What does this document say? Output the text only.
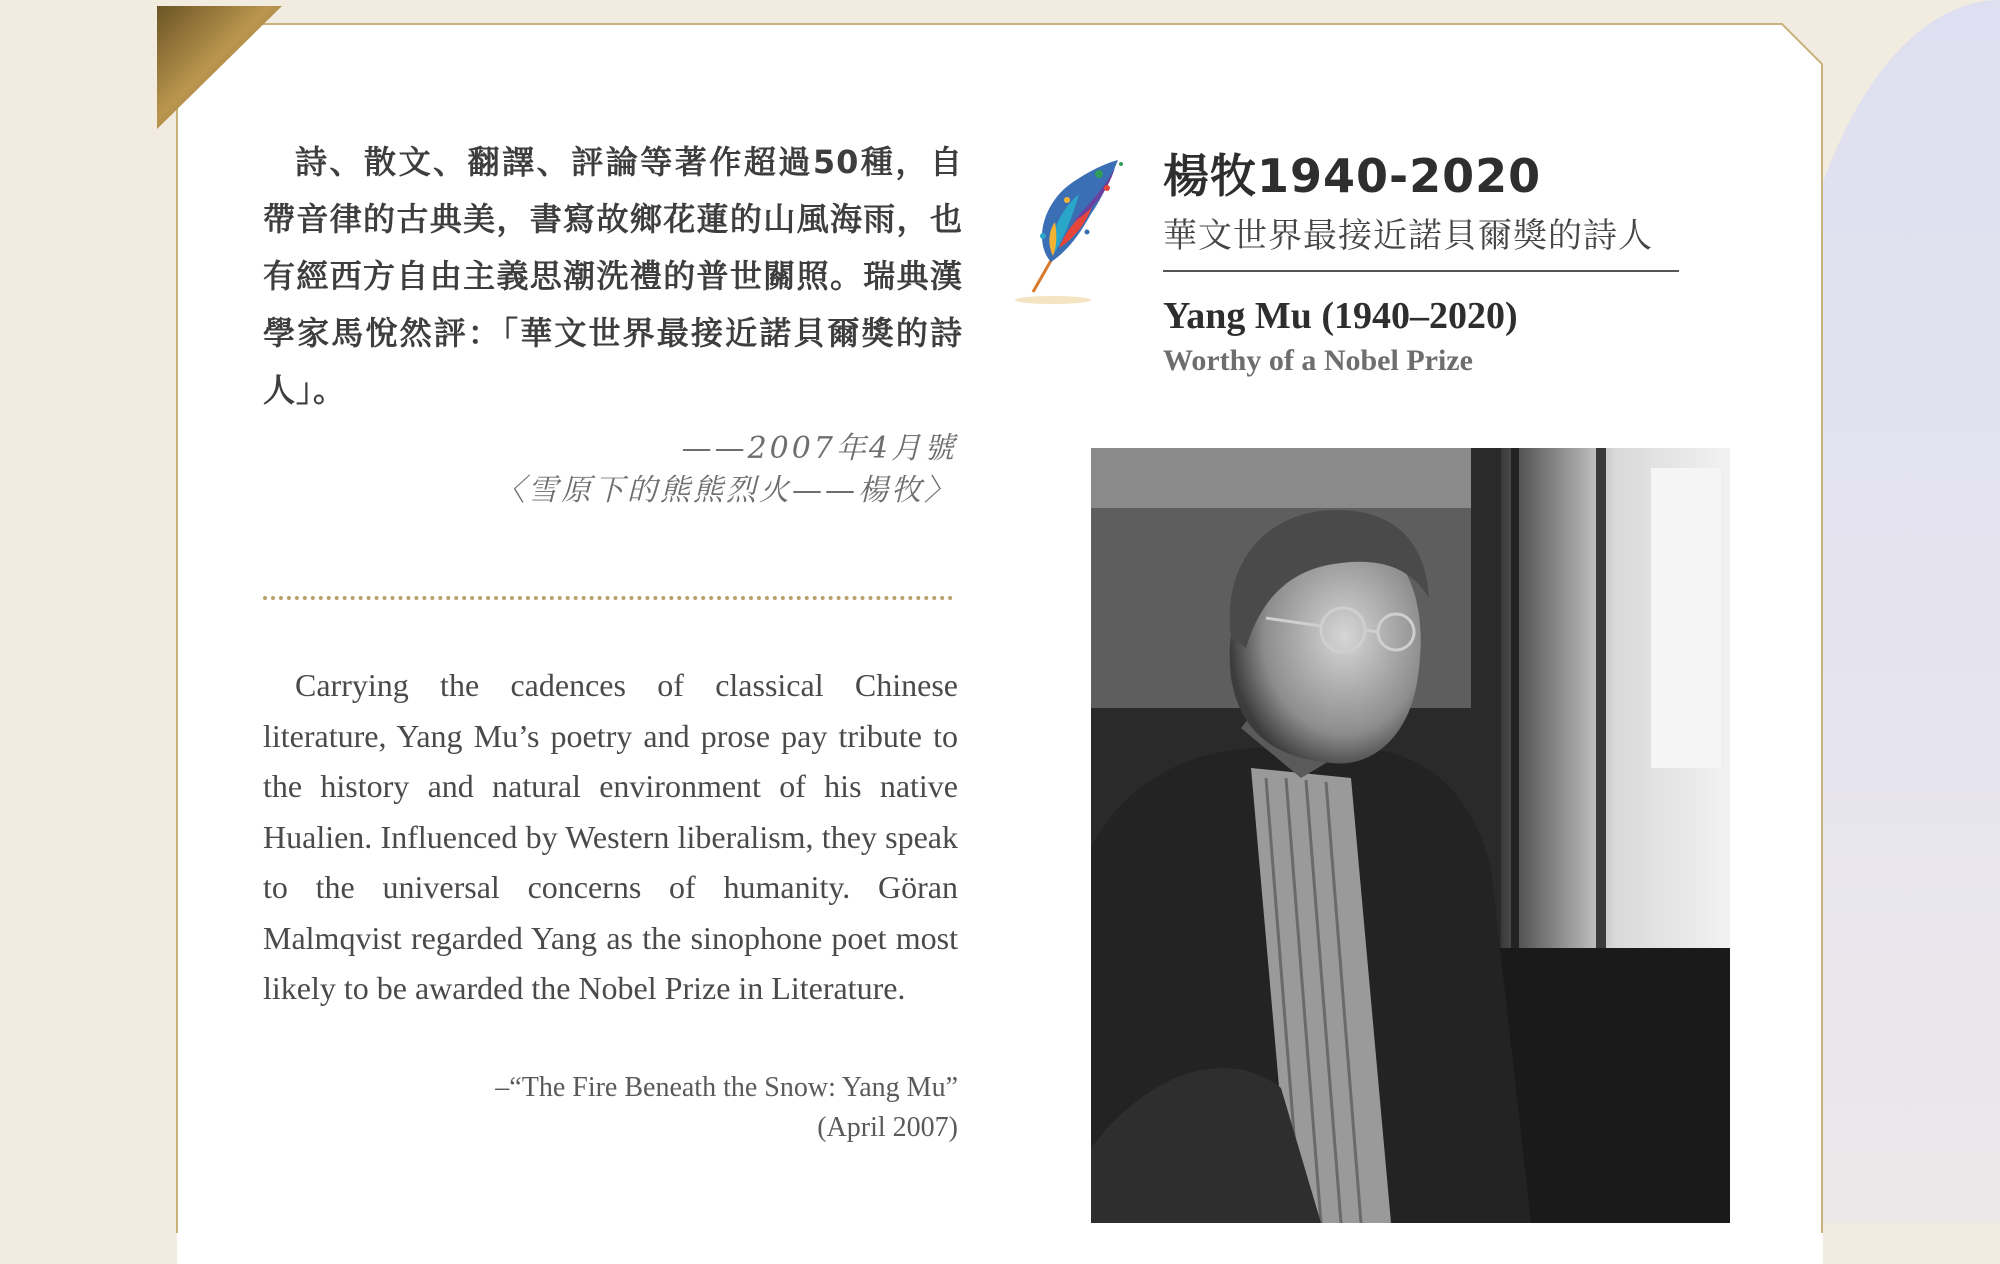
詩、散文、翻譯、評論等著作超過50種，自帶音律的古典美，書寫故鄉花蓮的山風海雨，也有經西方自由主義思潮洗禮的普世關照。瑞典漢學家馬悅然評：「華文世界最接近諾貝爾獎的詩人」。
——2007年4月號
〈雪原下的熊熊烈火——楊牧〉
Carrying the cadences of classical Chinese literature, Yang Mu’s poetry and prose pay tribute to the history and natural environment of his native Hualien. Influenced by Western liberalism, they speak to the universal concerns of humanity. Göran Malmqvist regarded Yang as the sinophone poet most likely to be awarded the Nobel Prize in Literature.
–“The Fire Beneath the Snow: Yang Mu”
(April 2007)
楊牧1940-2020
華文世界最接近諾貝爾獎的詩人
Yang Mu (1940–2020)
Worthy of a Nobel Prize
